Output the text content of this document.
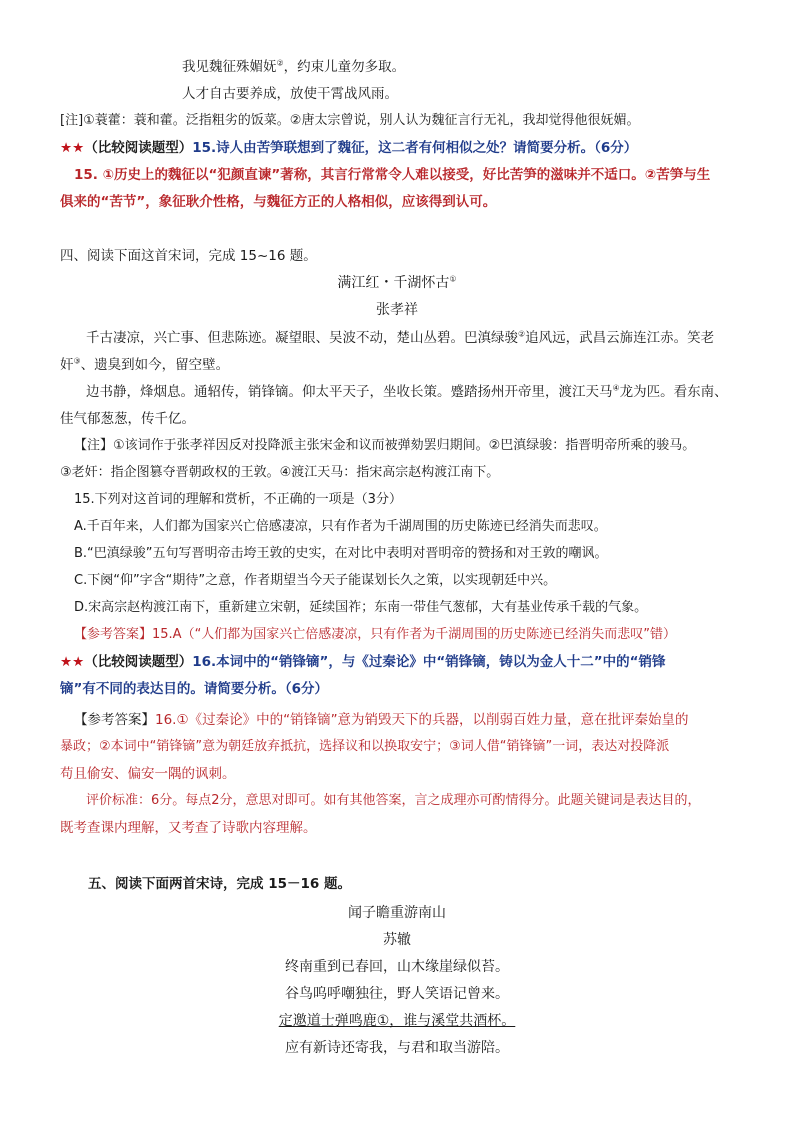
我见魏征殊媚妩②，约束儿童勿多取。
人才自古要养成，放使干霄战风雨。
[注]①蓑藿：蓑和藿。泛指粗劣的饭菜。②唐太宗曾说，别人认为魏征言行无礼，我却觉得他很妩媚。
★★（比较阅读题型）15.诗人由苦笋联想到了魏征，这二者有何相似之处？请简要分析。（6分）
15. ①历史上的魏征以“犯颜直谏”著称，其言行常常令人难以接受，好比苦笋的滋味并不适口。②苦笋与生
俱来的“苦节”，象征耿介性格，与魏征方正的人格相似，应该得到认可。
四、阅读下面这首宋词，完成 15~16 题。
满江红・千湖怀古①
张孝祥
千古凄凉，兴亡事、但悲陈迹。凝望眼、吴波不动，楚山丛碧。巴滇绿骏②追风远，武昌云旆连江赤。笑老
奸③、遗臭到如今，留空壁。
边书静，烽烟息。通轺传，销锋镝。仰太平天子，坐收长策。蹙踏扬州开帝里，渡江天马④龙为匹。看东南、
佳气郁葱葱，传千亿。
【注】①该词作于张孝祥因反对投降派主张宋金和议而被弹劾罢归期间。②巴滇绿骏：指晋明帝所乘的骏马。
③老奸：指企图篡夺晋朝政权的王敦。④渡江天马：指宋高宗赵构渡江南下。
15.下列对这首词的理解和赏析，不正确的一项是（3分）
A.千百年来，人们都为国家兴亡倍感凄凉，只有作者为千湖周围的历史陈迹已经消失而悲叹。
B.“巴滇绿骏”五句写晋明帝击垮王敦的史实，在对比中表明对晋明帝的赞扬和对王敦的嘲讽。
C.下阕“仰”字含“期待”之意，作者期望当今天子能谋划长久之策，以实现朝廷中兴。
D.宋高宗赵构渡江南下，重新建立宋朝，延续国祚；东南一带佳气葱郁，大有基业传承千载的气象。
【参考答案】15.A（“人们都为国家兴亡倍感凄凉，只有作者为千湖周围的历史陈迹已经消失而悲叹”错）
★★（比较阅读题型）16.本词中的“销锋镝”，与《过秦论》中“销锋镝，铸以为金人十二”中的“销锋
镝”有不同的表达目的。请简要分析。（6分）
【参考答案】16.①《过秦论》中的“销锋镝”意为销毁天下的兵器，以削弱百姓力量，意在批评秦始皇的
暴政；②本词中“销锋镝”意为朝廷放弃抵抗，选择议和以换取安宁；③词人借“销锋镝”一词，表达对投降派
苟且偷安、偏安一隅的讽刺。
评价标准：6分。每点2分，意思对即可。如有其他答案，言之成理亦可酌情得分。此题关键词是表达目的，
既考查课内理解，又考查了诗歌内容理解。
五、阅读下面两首宋诗，完成 15－16 题。
闻子瞻重游南山
苏辙
终南重到已春回，山木缘崖绿似苔。
谷鸟呜呼嘲独往，野人笑语记曾来。
定邀道士弹鸣鹿①，谁与溪堂共酒杯。
应有新诗还寄我，与君和取当游陪。
